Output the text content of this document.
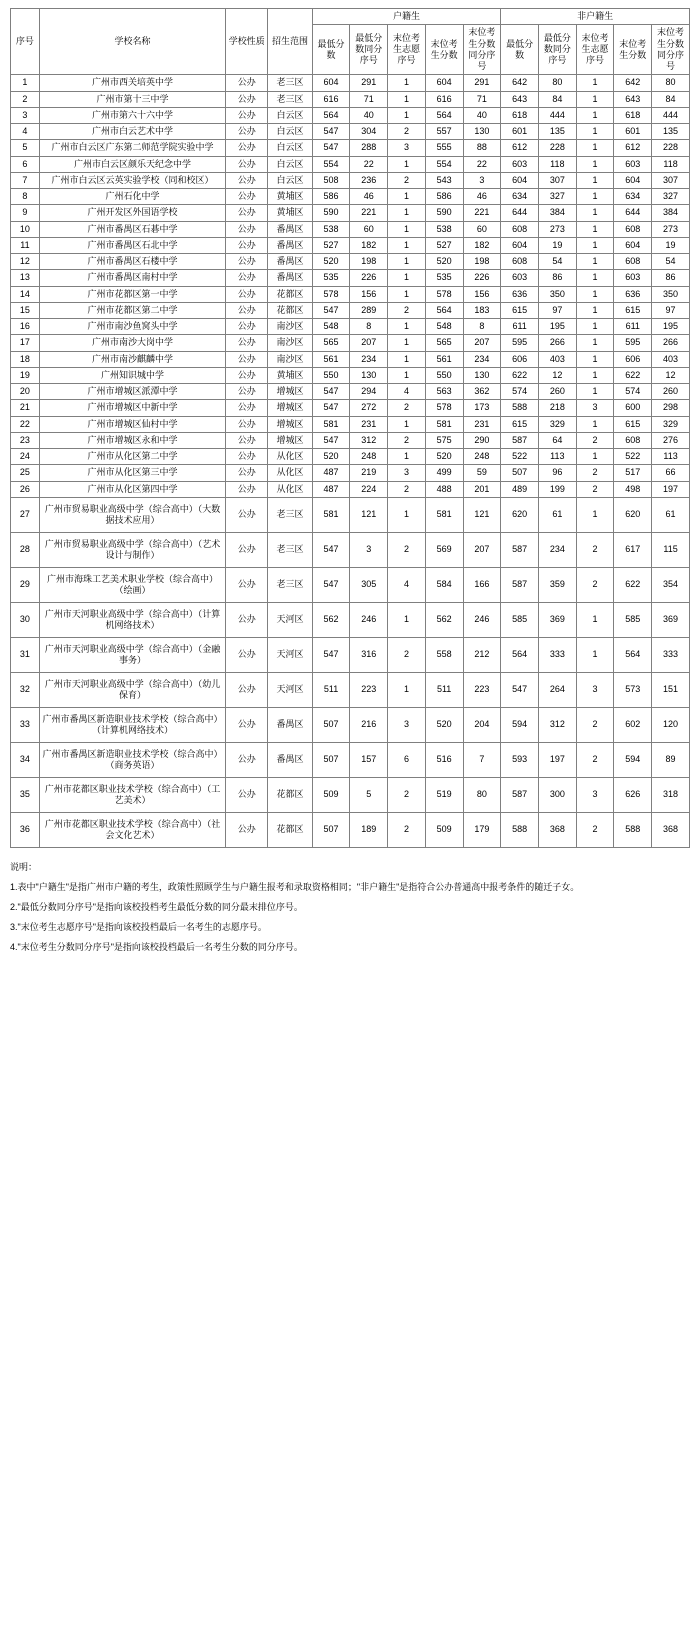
序号	学校名称	学校性质	招生范围	户籍生					非户籍生				
				最低分数	最低分数同分序号	末位考生志愿序号	末位考生分数	末位考生分数同分序号	最低分数	最低分数同分序号	末位考生志愿序号	末位考生分数	末位考生分数同分序号
1	广州市西关培英中学	公办	老三区	604	291	1	604	291	642	80	1	642	80
2	广州市第十三中学	公办	老三区	616	71	1	616	71	643	84	1	643	84
3	广州市第六十六中学	公办	白云区	564	40	1	564	40	618	444	1	618	444
4	广州市白云艺术中学	公办	白云区	547	304	2	557	130	601	135	1	601	135
5	广州市白云区广东第二师范学院实验中学	公办	白云区	547	288	3	555	88	612	228	1	612	228
6	广州市白云区颜乐天纪念中学	公办	白云区	554	22	1	554	22	603	118	1	603	118
7	广州市白云区云英实验学校（同和校区）	公办	白云区	508	236	2	543	3	604	307	1	604	307
8	广州石化中学	公办	黄埔区	586	46	1	586	46	634	327	1	634	327
9	广州开发区外国语学校	公办	黄埔区	590	221	1	590	221	644	384	1	644	384
10	广州市番禺区石碁中学	公办	番禺区	538	60	1	538	60	608	273	1	608	273
11	广州市番禺区石北中学	公办	番禺区	527	182	1	527	182	604	19	1	604	19
12	广州市番禺区石楼中学	公办	番禺区	520	198	1	520	198	608	54	1	608	54
13	广州市番禺区南村中学	公办	番禺区	535	226	1	535	226	603	86	1	603	86
14	广州市花都区第一中学	公办	花都区	578	156	1	578	156	636	350	1	636	350
15	广州市花都区第二中学	公办	花都区	547	289	2	564	183	615	97	1	615	97
16	广州市南沙鱼窝头中学	公办	南沙区	548	8	1	548	8	611	195	1	611	195
17	广州市南沙大岗中学	公办	南沙区	565	207	1	565	207	595	266	1	595	266
18	广州市南沙麒麟中学	公办	南沙区	561	234	1	561	234	606	403	1	606	403
19	广州知识城中学	公办	黄埔区	550	130	1	550	130	622	12	1	622	12
20	广州市增城区派潭中学	公办	增城区	547	294	4	563	362	574	260	1	574	260
21	广州市增城区中新中学	公办	增城区	547	272	2	578	173	588	218	3	600	298
22	广州市增城区仙村中学	公办	增城区	581	231	1	581	231	615	329	1	615	329
23	广州市增城区永和中学	公办	增城区	547	312	2	575	290	587	64	2	608	276
24	广州市从化区第二中学	公办	从化区	520	248	1	520	248	522	113	1	522	113
25	广州市从化区第三中学	公办	从化区	487	219	3	499	59	507	96	2	517	66
26	广州市从化区第四中学	公办	从化区	487	224	2	488	201	489	199	2	498	197
27	广州市贸易职业高级中学（综合高中）（大数据技术应用）	公办	老三区	581	121	1	581	121	620	61	1	620	61
28	广州市贸易职业高级中学（综合高中）（艺术设计与制作）	公办	老三区	547	3	2	569	207	587	234	2	617	115
29	广州市海珠工艺美术职业学校（综合高中）（绘画）	公办	老三区	547	305	4	584	166	587	359	2	622	354
30	广州市天河职业高级中学（综合高中）（计算机网络技术）	公办	天河区	562	246	1	562	246	585	369	1	585	369
31	广州市天河职业高级中学（综合高中）（金融事务）	公办	天河区	547	316	2	558	212	564	333	1	564	333
32	广州市天河职业高级中学（综合高中）（幼儿保育）	公办	天河区	511	223	1	511	223	547	264	3	573	151
33	广州市番禺区新造职业技术学校（综合高中）（计算机网络技术）	公办	番禺区	507	216	3	520	204	594	312	2	602	120
34	广州市番禺区新造职业技术学校（综合高中）（商务英语）	公办	番禺区	507	157	6	516	7	593	197	2	594	89
35	广州市花都区职业技术学校（综合高中）（工艺美术）	公办	花都区	509	5	2	519	80	587	300	3	626	318
36	广州市花都区职业技术学校（综合高中）（社会文化艺术）	公办	花都区	507	189	2	509	179	588	368	2	588	368
说明：

1.表中"户籍生"是指广州市户籍的考生，政策性照顾学生与户籍生报考和录取资格相同；"非户籍生"是指符合公办普通高中报考条件的随迁子女。

2."最低分数同分序号"是指向该校投档考生最低分数的同分最末排位序号。

3."末位考生志愿序号"是指向该校投档最后一名考生的志愿序号。

4."末位考生分数同分序号"是指向该校投档最后一名考生分数的同分序号。
